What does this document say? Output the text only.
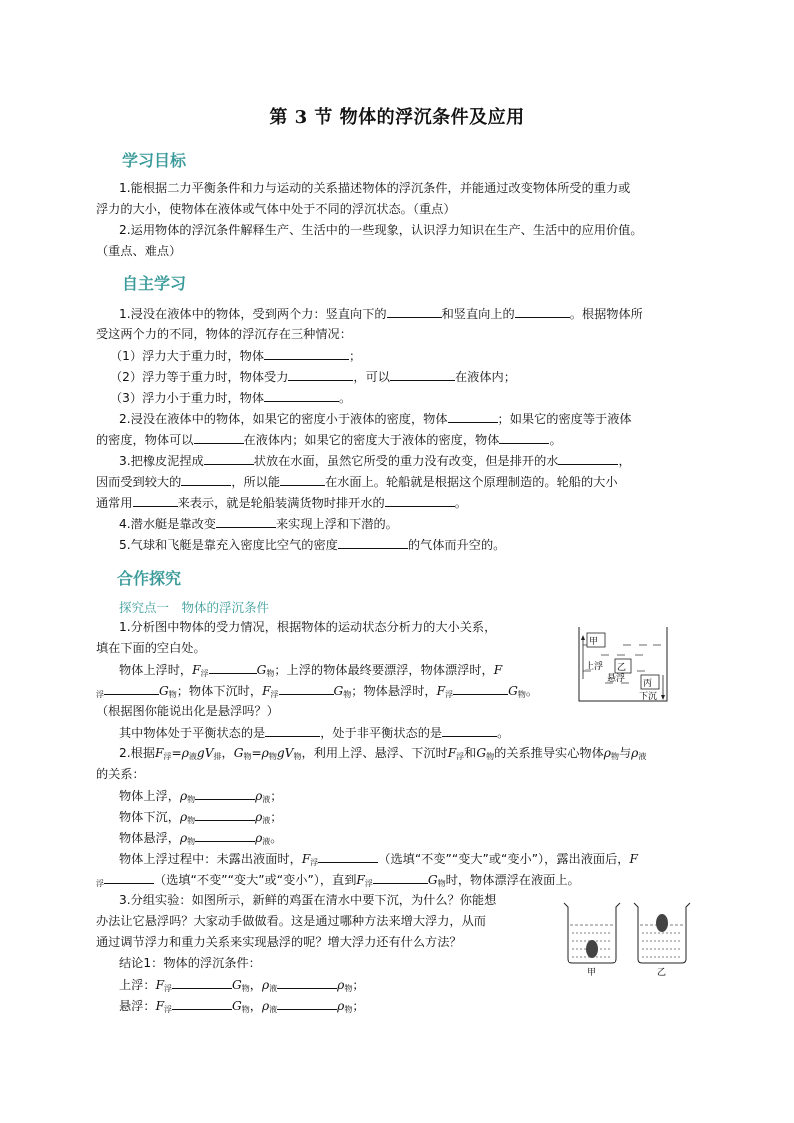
第 3 节 物体的浮沉条件及应用
学习目标
1.能根据二力平衡条件和力与运动的关系描述物体的浮沉条件，并能通过改变物体所受的重力或
浮力的大小，使物体在液体或气体中处于不同的浮沉状态。（重点）
2.运用物体的浮沉条件解释生产、生活中的一些现象，认识浮力知识在生产、生活中的应用价值。
（重点、难点）
自主学习
1.浸没在液体中的物体，受到两个力：竖直向下的	和竖直向上的	。根据物体所
受这两个力的不同，物体的浮沉存在三种情况：
（1）浮力大于重力时，物体	；
（2）浮力等于重力时，物体受力	，可以	在液体内；
（3）浮力小于重力时，物体	。
2.浸没在液体中的物体，如果它的密度小于液体的密度，物体	；如果它的密度等于液体
的密度，物体可以	在液体内；如果它的密度大于液体的密度，物体	。
3.把橡皮泥捏成	状放在水面，虽然它所受的重力没有改变，但是排开的水	，
因而受到较大的	，所以能	在水面上。轮船就是根据这个原理制造的。轮船的大小
通常用	来表示，就是轮船装满货物时排开水的	。
4.潜水艇是靠改变	来实现上浮和下潜的。
5.气球和飞艇是靠充入密度比空气的密度	的气体而升空的。
合作探究
探究点一　物体的浮沉条件
1.分析图中物体的受力情况，根据物体的运动状态分析力的大小关系，
填在下面的空白处。
物体上浮时，$F_浮$	$G_物$；上浮的物体最终要漂浮，物体漂浮时，F
$_浮$	$G_物$；物体下沉时，$F_浮$	$G_物$；物体悬浮时，$F_浮$	$G_物$。
（根据图你能说出化是悬浮吗？）
其中物体处于平衡状态的是	，处于非平衡状态的是	。
甲
上浮 乙
悬浮 丙
下沉
2.根据$F_浮=\rho_液gV_排$，$G_物=\rho_物gV_物$，利用上浮、悬浮、下沉时$F_浮$和$G_物$的关系推导实心物体$\rho_物$与$\rho_液$
的关系：
物体上浮，$\rho_物$	$\rho_液$；
物体下沉，$\rho_物$	$\rho_液$；
物体悬浮，$\rho_物$	$\rho_液$。
物体上浮过程中：未露出液面时，$F_浮$	（选填“不变”“变大”或“变小”），露出液面后，F
$_浮$	（选填“不变”“变大”或“变小”），直到$F_浮$	$G_物$时，物体漂浮在液面上。
3.分组实验：如图所示，新鲜的鸡蛋在清水中要下沉，为什么？你能想
办法让它悬浮吗？大家动手做做看。这是通过哪种方法来增大浮力，从而
通过调节浮力和重力关系来实现悬浮的呢？增大浮力还有什么方法？
结论1：物体的浮沉条件：
上浮：$F_浮$	$G_物$，$\rho_液$	$\rho_物$；
悬浮：$F_浮$	$G_物$，$\rho_液$	$\rho_物$；
甲	乙
